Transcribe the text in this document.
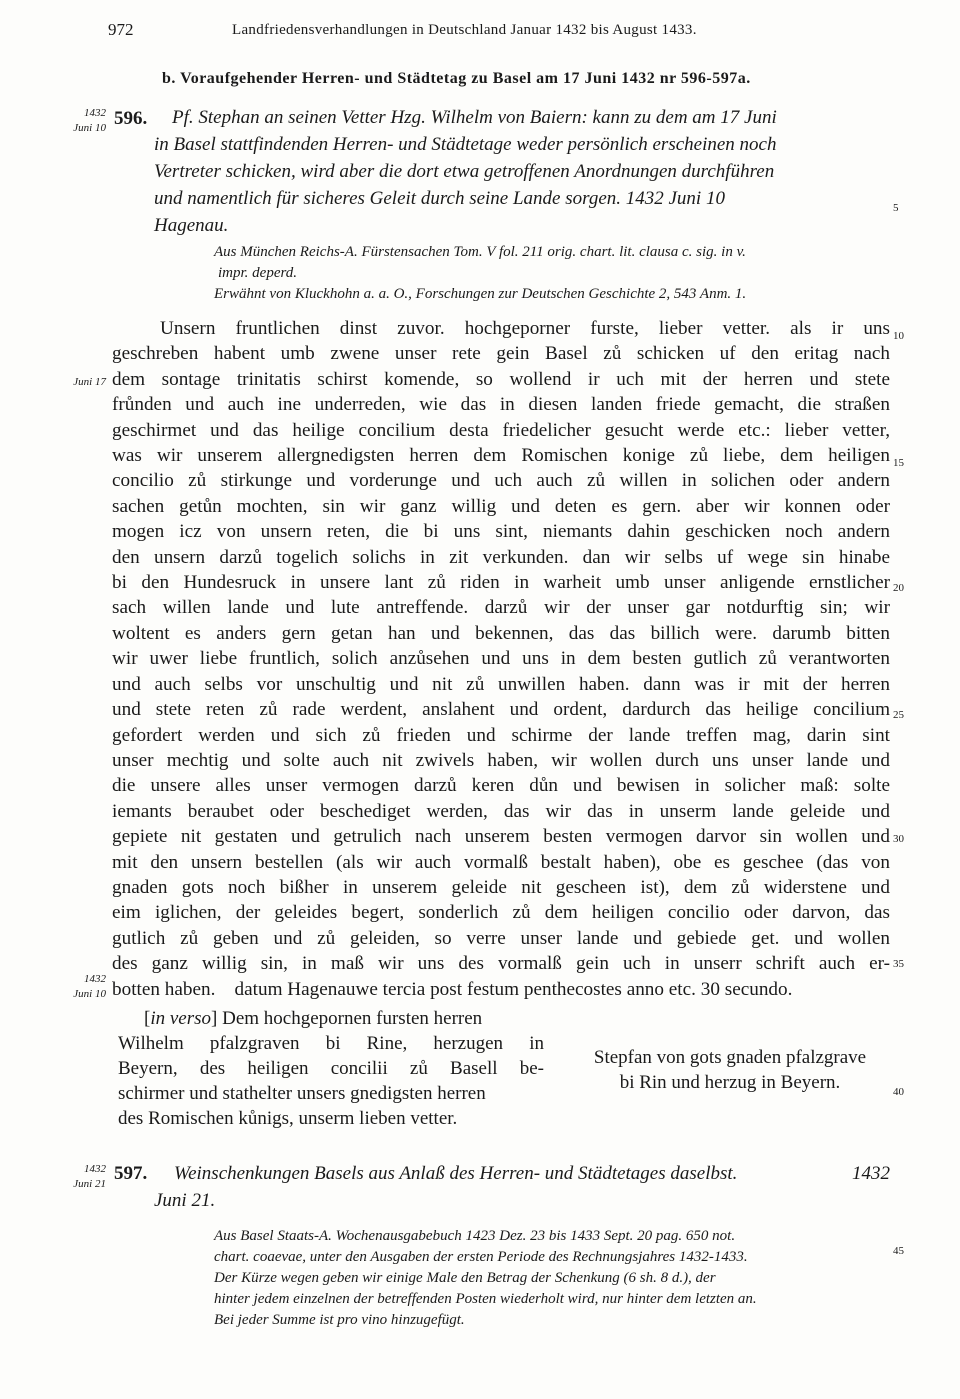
972	Landfriedensverhandlungen in Deutschland Januar 1432 bis August 1433.
b. Voraufgehender Herren- und Städtetag zu Basel am 17 Juni 1432 nr 596-597a.
1432
Juni 10 596. Pf. Stephan an seinen Vetter Hzg. Wilhelm von Baiern: kann zu dem am 17 Juni
in Basel stattfindenden Herren- und Städtetage weder persönlich erscheinen noch
Vertreter schicken, wird aber die dort etwa getroffenen Anordnungen durchführen
und namentlich für sicheres Geleit durch seine Lande sorgen. 1432 Juni 10
Hagenau.
Aus München Reichs-A. Fürstensachen Tom. V fol. 211 orig. chart. lit. clausa c. sig. in v.
impr. deperd.
Erwähnt von Kluckhohn a. a. O., Forschungen zur Deutschen Geschichte 2, 543 Anm. 1.
Unsern fruntlichen dinst zuvor. hochgeporner furste, lieber vetter. als ir uns
geschreben habent umb zwene unser rete gein Basel zů schicken uf den eritag nach
dem sontage trinitatis schirst komende, so wollend ir uch mit der herren und stete
frůnden und auch ine underreden, wie das in diesen landen friede gemacht, die straßen
geschirmet und das heilige concilium desta friedelicher gesucht werde etc.: lieber vetter,
was wir unserem allergnedigsten herren dem Romischen konige zů liebe, dem heiligen
concilio zů stirkunge und vorderunge und uch auch zů willen in solichen oder andern
sachen getůn mochten, sin wir ganz willig und deten es gern. aber wir konnen oder
mogen icz von unsern reten, die bi uns sint, niemants dahin geschicken noch andern
den unsern darzů togelich solichs in zit verkunden. dan wir selbs uf wege sin hinabe
bi den Hundesruck in unsere lant zů riden in warheit umb unser anligende ernstlicher
sach willen lande und lute antreffende. darzů wir der unser gar notdurftig sin; wir
woltent es anders gern getan han und bekennen, das das billich were. darumb bitten
wir uwer liebe fruntlich, solich anzůsehen und uns in dem besten gutlich zů verantworten
und auch selbs vor unschultig und nit zů unwillen haben. dann was ir mit der herren
und stete reten zů rade werdent, anslahent und ordent, dardurch das heilige concilium
gefordert werden und sich zů frieden und schirme der lande treffen mag, darin sint
unser mechtig und solte auch nit zwivels haben, wir wollen durch uns unser lande und
die unsere alles unser vermogen darzů keren důn und bewisen in solicher maß: solte
iemants beraubet oder beschediget werden, das wir das in unserm lande geleide und
gepiete nit gestaten und getrulich nach unserem besten vermogen darvor sin wollen und
mit den unsern bestellen (als wir auch vormalß bestalt haben), obe es geschee (das von
gnaden gots noch bißher in unserem geleide nit gescheen ist), dem zů widerstene und
eim iglichen, der geleides begert, sonderlich zů dem heiligen concilio oder darvon, das
gutlich zů geben und zů geleiden, so verre unser lande und gebiede get. und wollen
des ganz willig sin, in maß wir uns des vormalß gein uch in unserr schrift auch er-
botten haben.    datum Hagenauwe tercia post festum penthecostes anno etc. 30 secundo.
Juni 17
1432
Juni 10
[in verso] Dem hochgepornen fursten herren
Wilhelm pfalzgraven bi Rine, herzugen in
Beyern, des heiligen concilii zů Basell be-
schirmer und stathelter unsers gnedigsten herren
des Romischen kůnigs, unserm lieben vetter.
Stepfan von gots gnaden pfalzgrave
bi Rin und herzug in Beyern.
1432
Juni 21 597. Weinschenkungen Basels aus Anlaß des Herren- und Städtetages daselbst.	1432
Juni 21.
Aus Basel Staats-A. Wochenausgabebuch 1423 Dez. 23 bis 1433 Sept. 20 pag. 650 not.
chart. coaevae, unter den Ausgaben der ersten Periode des Rechnungsjahres 1432-1433.
Der Kürze wegen geben wir einige Male den Betrag der Schenkung (6 sh. 8 d.), der
hinter jedem einzelnen der betreffenden Posten wiederholt wird, nur hinter dem letzten an.
Bei jeder Summe ist pro vino hinzugefügt.
5
10
15
20
25
30
35
40
45
